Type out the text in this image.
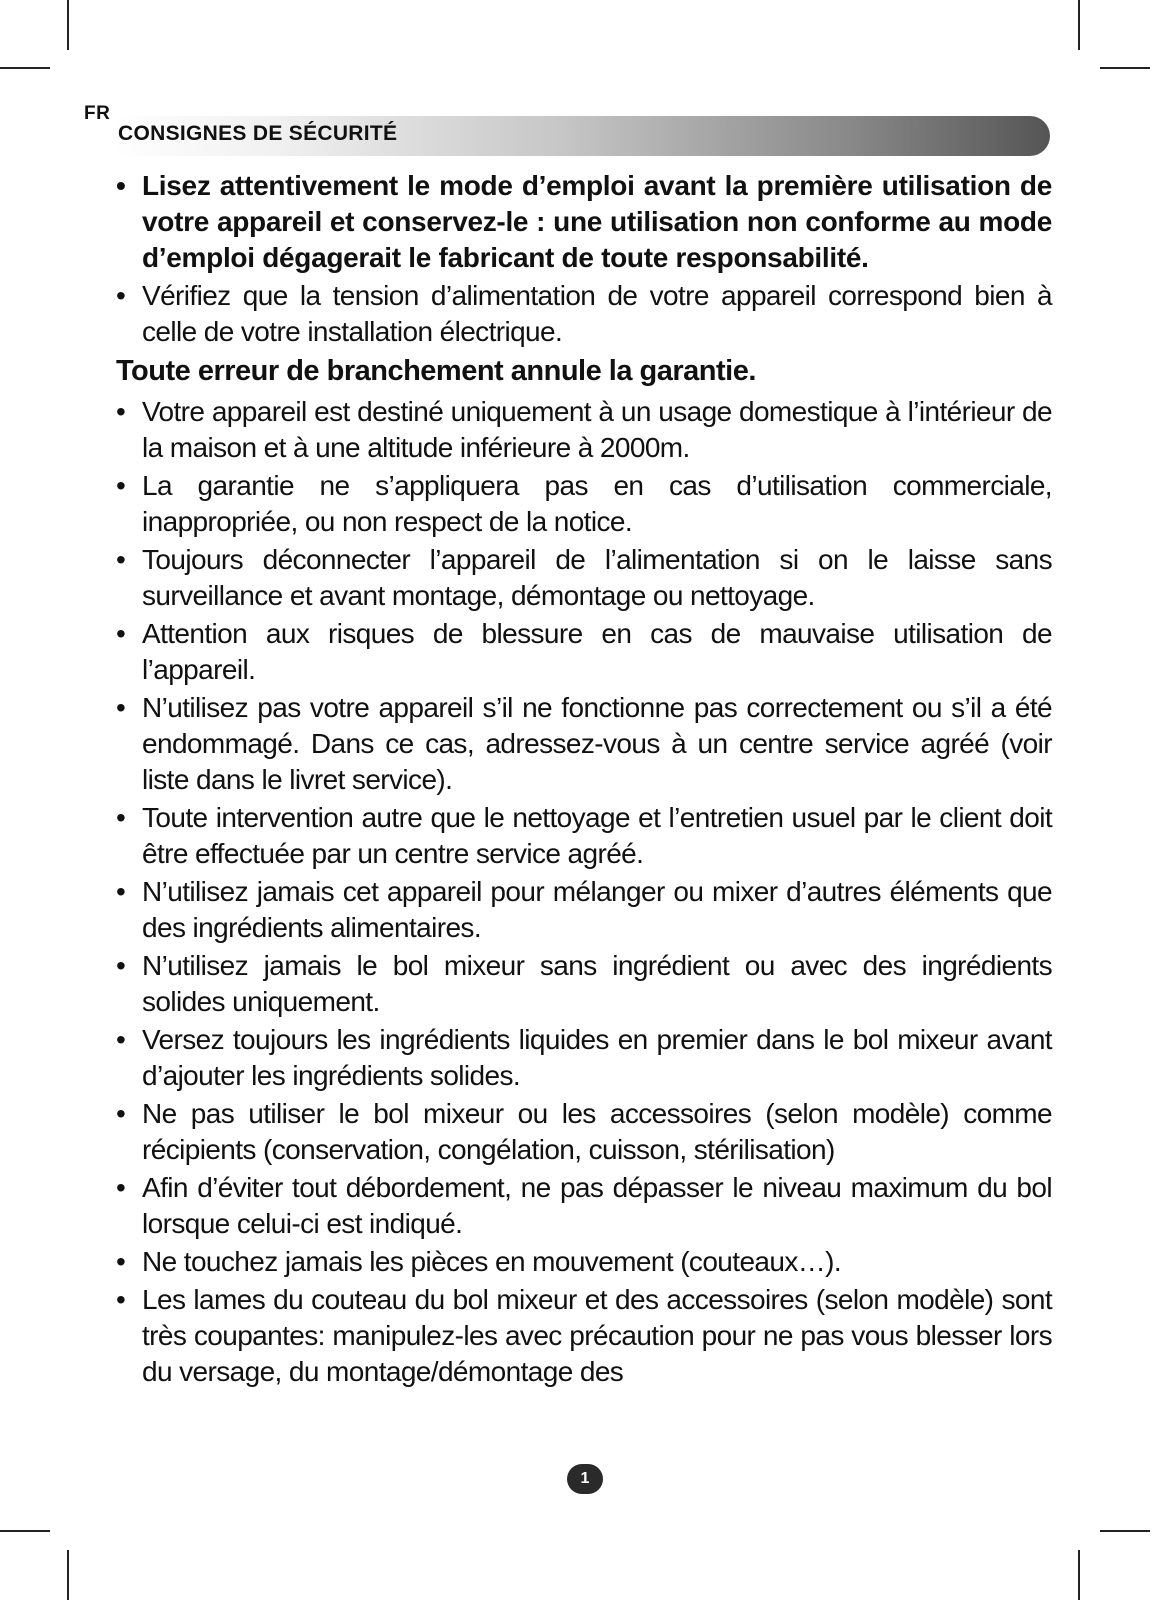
FR
CONSIGNES DE SÉCURITÉ
• Lisez attentivement le mode d’emploi avant la première utilisation de votre appareil et conservez-le : une utilisation non conforme au mode d’emploi dégagerait le fabricant de toute responsabilité.
• Vérifiez que la tension d’alimentation de votre appareil correspond bien à celle de votre installation électrique.
Toute erreur de branchement annule la garantie.
• Votre appareil est destiné uniquement à un usage domestique à l’intérieur de la maison et à une altitude inférieure à 2000m.
• La garantie ne s’appliquera pas en cas d’utilisation commerciale, inappropriée, ou non respect de la notice.
• Toujours déconnecter l’appareil de l’alimentation si on le laisse sans surveillance et avant montage, démontage ou nettoyage.
• Attention aux risques de blessure en cas de mauvaise utilisation de l’appareil.
• N’utilisez pas votre appareil s’il ne fonctionne pas correctement ou s’il a été endommagé. Dans ce cas, adressez-vous à un centre service agréé (voir liste dans le livret service).
• Toute intervention autre que le nettoyage et l’entretien usuel par le client doit être effectuée par un centre service agréé.
• N’utilisez jamais cet appareil pour mélanger ou mixer d’autres éléments que des ingrédients alimentaires.
• N’utilisez jamais le bol mixeur sans ingrédient ou avec des ingrédients solides uniquement.
• Versez toujours les ingrédients liquides en premier dans le bol mixeur avant d’ajouter les ingrédients solides.
• Ne pas utiliser le bol mixeur ou les accessoires (selon modèle) comme récipients (conservation, congélation, cuisson, stérilisation)
• Afin d’éviter tout débordement, ne pas dépasser le niveau maximum du bol lorsque celui-ci est indiqué.
• Ne touchez jamais les pièces en mouvement (couteaux…).
• Les lames du couteau du bol mixeur et des accessoires (selon modèle) sont très coupantes: manipulez-les avec précaution pour ne pas vous blesser lors du versage, du montage/démontage des
1
